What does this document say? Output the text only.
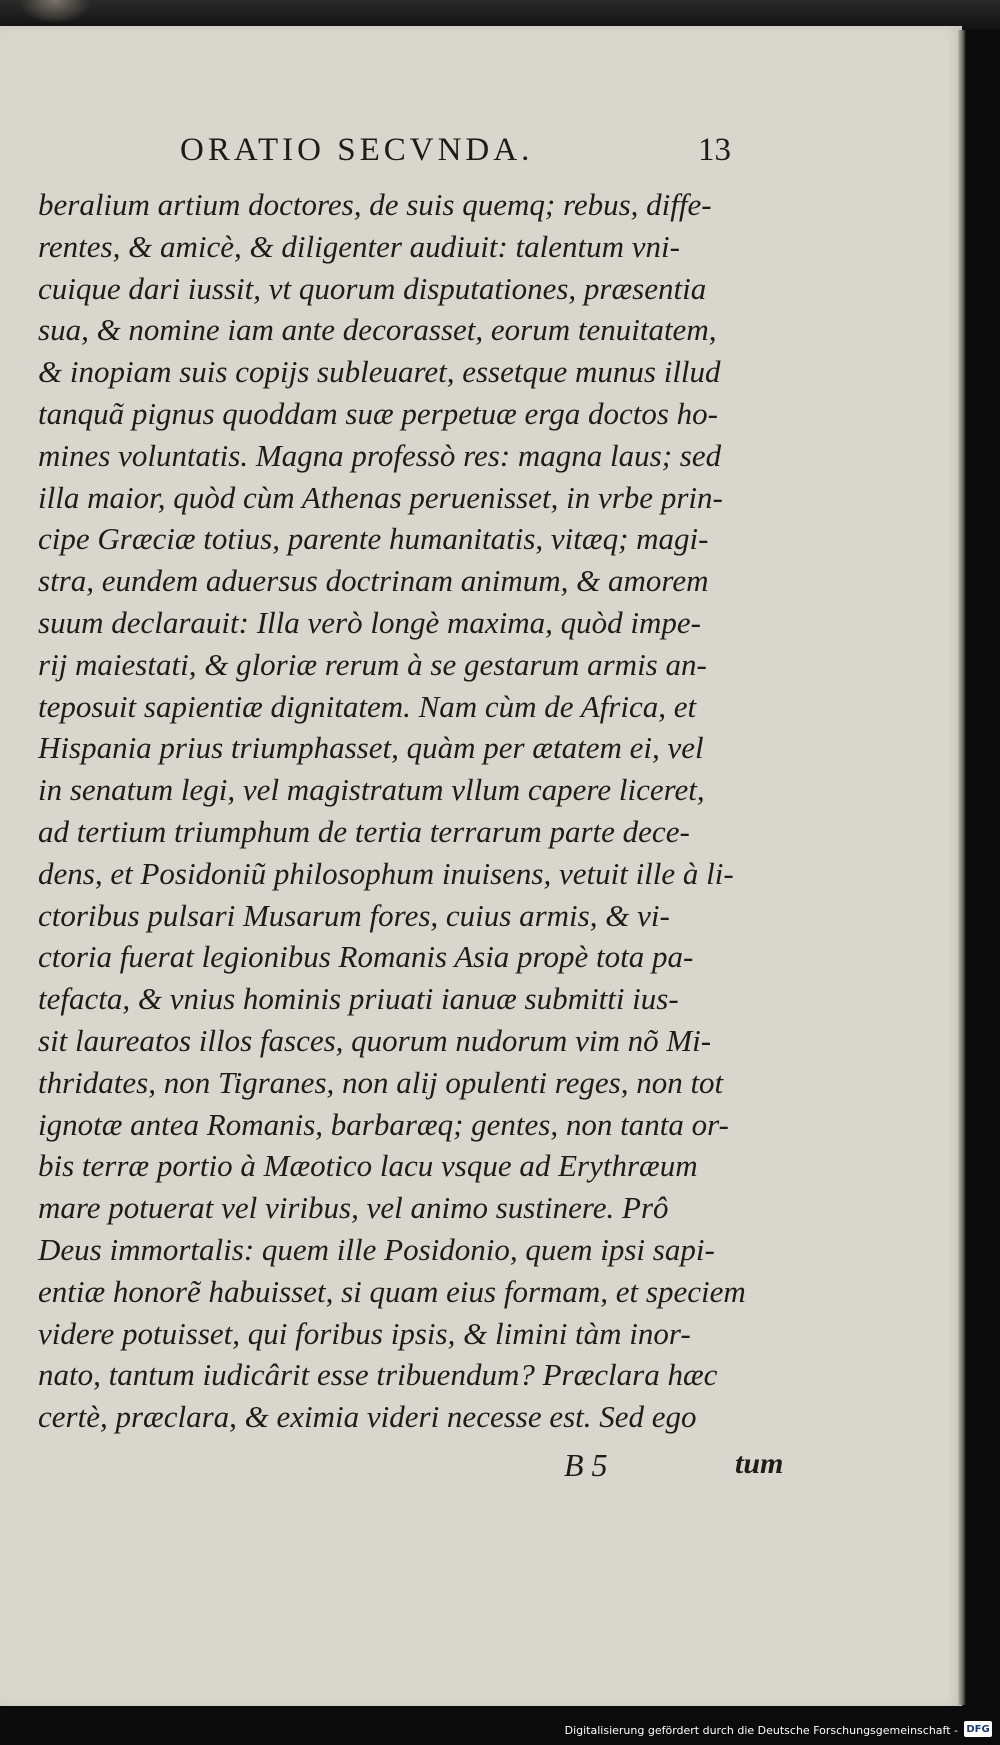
ORATIO SECVNDA.	13
beralium artium doctores, de suis quemq; rebus, diffe-
rentes, & amicè, & diligenter audiuit: talentum vni-
cuique dari iussit, vt quorum disputationes, præsentia
sua, & nomine iam ante decorasset, eorum tenuitatem,
& inopiam suis copijs subleuaret, essetque munus illud
tanquã pignus quoddam suæ perpetuæ erga doctos ho-
mines voluntatis. Magna professò res: magna laus; sed
illa maior, quòd cùm Athenas peruenisset, in vrbe prin-
cipe Græciæ totius, parente humanitatis, vitæq; magi-
stra, eundem aduersus doctrinam animum, & amorem
suum declarauit: Illa verò longè maxima, quòd impe-
rij maiestati, & gloriæ rerum à se gestarum armis an-
teposuit sapientiæ dignitatem. Nam cùm de Africa, et
Hispania prius triumphasset, quàm per ætatem ei, vel
in senatum legi, vel magistratum vllum capere liceret,
ad tertium triumphum de tertia terrarum parte dece-
dens, et Posidoniũ philosophum inuisens, vetuit ille à li-
ctoribus pulsari Musarum fores, cuius armis, & vi-
ctoria fuerat legionibus Romanis Asia propè tota pa-
tefacta, & vnius hominis priuati ianuæ submitti ius-
sit laureatos illos fasces, quorum nudorum vim nõ Mi-
thridates, non Tigranes, non alij opulenti reges, non tot
ignotæ antea Romanis, barbaræq; gentes, non tanta or-
bis terræ portio à Mæotico lacu vsque ad Erythræum
mare potuerat vel viribus, vel animo sustinere. Prô
Deus immortalis: quem ille Posidonio, quem ipsi sapi-
entiæ honorẽ habuisset, si quam eius formam, et speciem
videre potuisset, qui foribus ipsis, & limini tàm inor-
nato, tantum iudicârit esse tribuendum? Præclara hæc
certè, præclara, & eximia videri necesse est. Sed ego
B 5	tum
Digitalisierung gefördert durch die Deutsche Forschungsgemeinschaft - DFG
